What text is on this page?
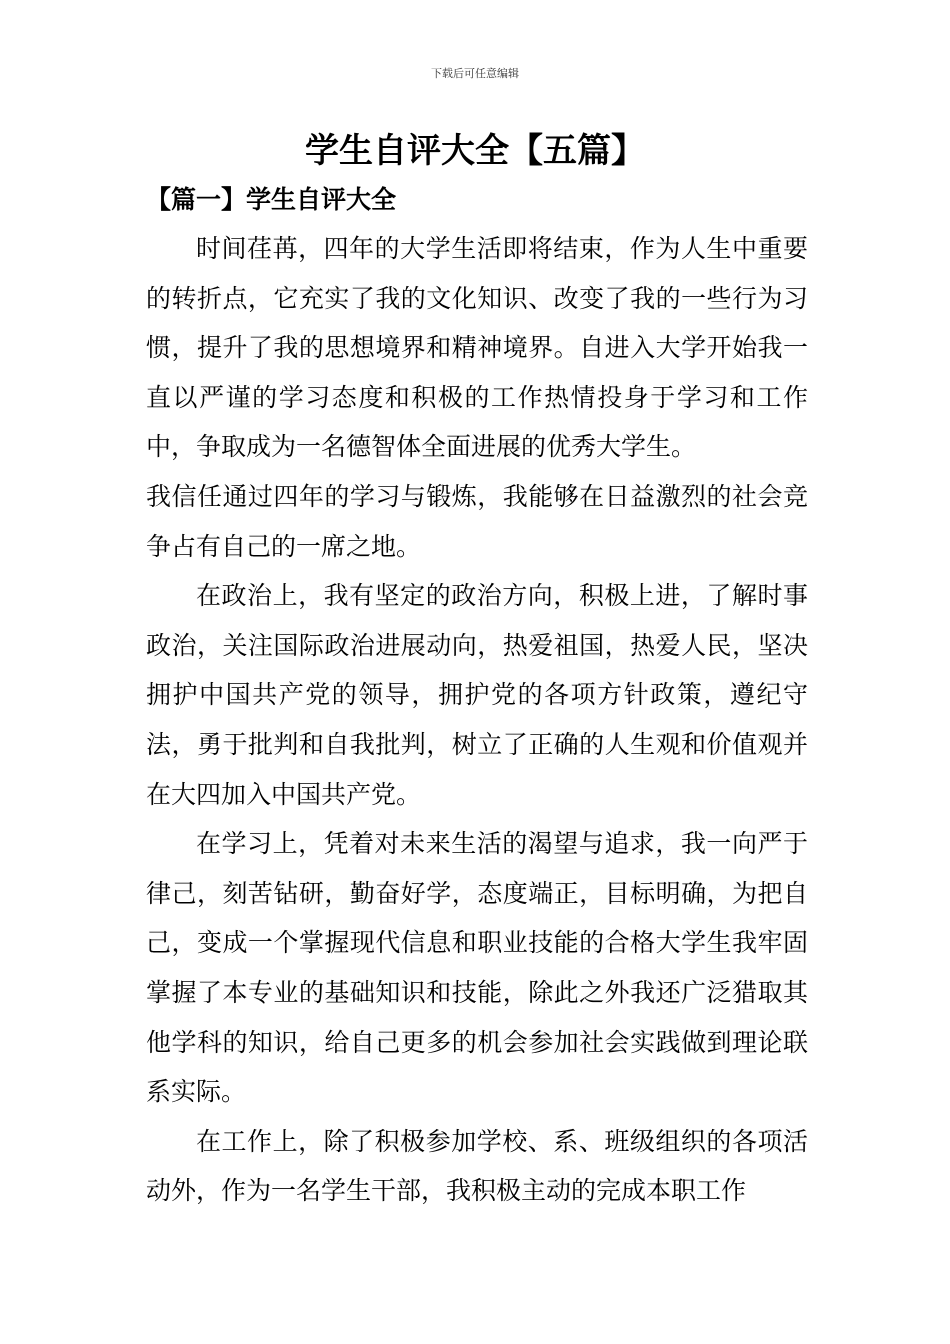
下载后可任意编辑
学生自评大全【五篇】
【篇一】学生自评大全

时间荏苒，四年的大学生活即将结束，作为人生中重要的转折点，它充实了我的文化知识、改变了我的一些行为习惯，提升了我的思想境界和精神境界。自进入大学开始我一直以严谨的学习态度和积极的工作热情投身于学习和工作中，争取成为一名德智体全面进展的优秀大学生。

我信任通过四年的学习与锻炼，我能够在日益激烈的社会竞争占有自己的一席之地。

在政治上，我有坚定的政治方向，积极上进，了解时事政治，关注国际政治进展动向，热爱祖国，热爱人民，坚决拥护中国共产党的领导，拥护党的各项方针政策，遵纪守法，勇于批判和自我批判，树立了正确的人生观和价值观并在大四加入中国共产党。

在学习上，凭着对未来生活的渴望与追求，我一向严于律己，刻苦钻研，勤奋好学，态度端正，目标明确，为把自己，变成一个掌握现代信息和职业技能的合格大学生我牢固掌握了本专业的基础知识和技能，除此之外我还广泛猎取其他学科的知识，给自己更多的机会参加社会实践做到理论联系实际。

在工作上，除了积极参加学校、系、班级组织的各项活动外，作为一名学生干部，我积极主动的完成本职工作
